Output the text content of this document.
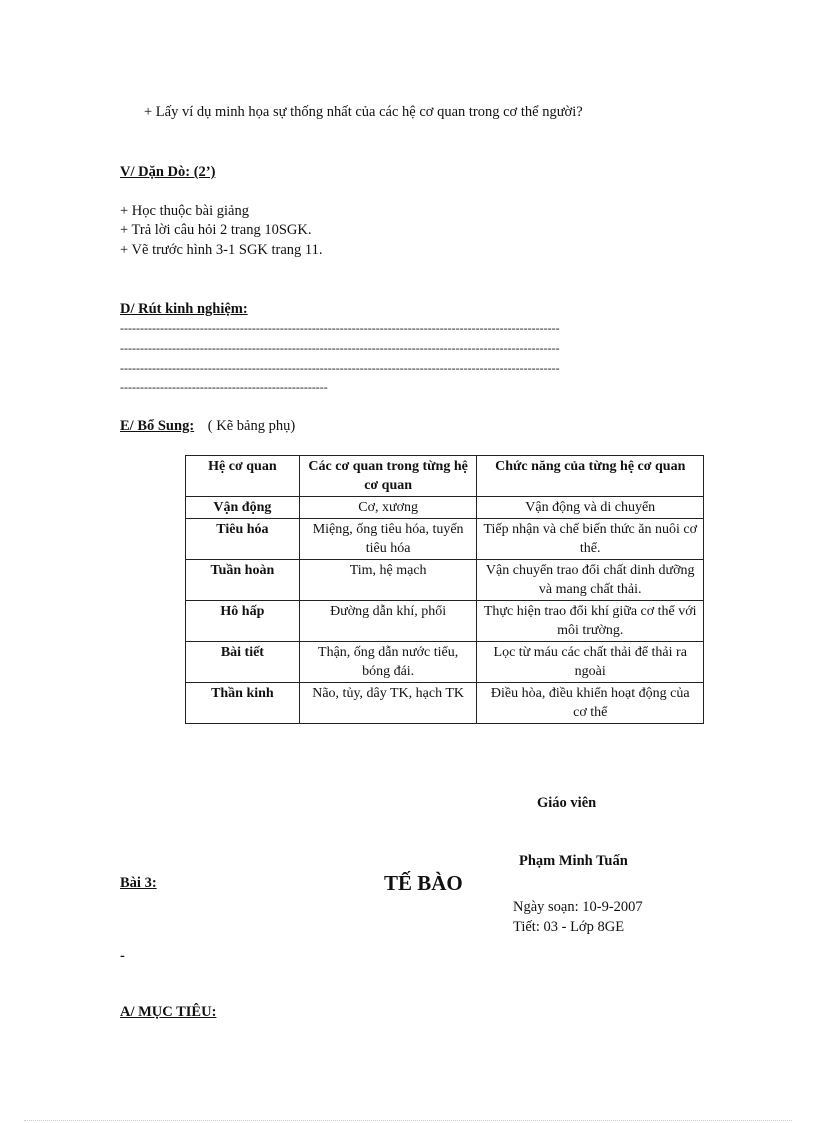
+ Lấy ví dụ minh họa sự thống nhất của các hệ cơ quan trong cơ thể người?
V/ Dặn Dò: (2’)
+ Học thuộc bài giảng
+ Trả lời câu hỏi 2 trang 10SGK.
+ Vẽ trước hình 3-1 SGK trang 11.
D/ Rút kinh nghiệm:
--------------------------------------------------------------------------------------------------------------
--------------------------------------------------------------------------------------------------------------
--------------------------------------------------------------------------------------------------------------
----------------------------------------------------
E/ Bổ Sung: ( Kẽ bảng phụ)
Hệ cơ quan	Các cơ quan trong từng hệ cơ quan	Chức năng của từng hệ cơ quan
Vận động	Cơ, xương	Vận động và di chuyển
Tiêu hóa	Miệng, ống tiêu hóa, tuyến tiêu hóa	Tiếp nhận và chế biến thức ăn nuôi cơ thể.
Tuần hoàn	Tim, hệ mạch	Vận chuyển trao đổi chất dinh dưỡng và mang chất thải.
Hô hấp	Đường dẫn khí, phổi	Thực hiện trao đổi khí giữa cơ thể với môi trường.
Bài tiết	Thận, ống dẫn nước tiểu, bóng đái.	Lọc từ máu các chất thải để thải ra ngoài
Thần kinh	Não, tủy, dây TK, hạch TK	Điều hòa, điều khiển hoạt động của cơ thể
Giáo viên
Phạm Minh Tuấn
Bài 3:	TẾ BÀO
Ngày soạn: 10-9-2007
Tiết: 03 - Lớp 8GE
-
A/ MỤC TIÊU:
